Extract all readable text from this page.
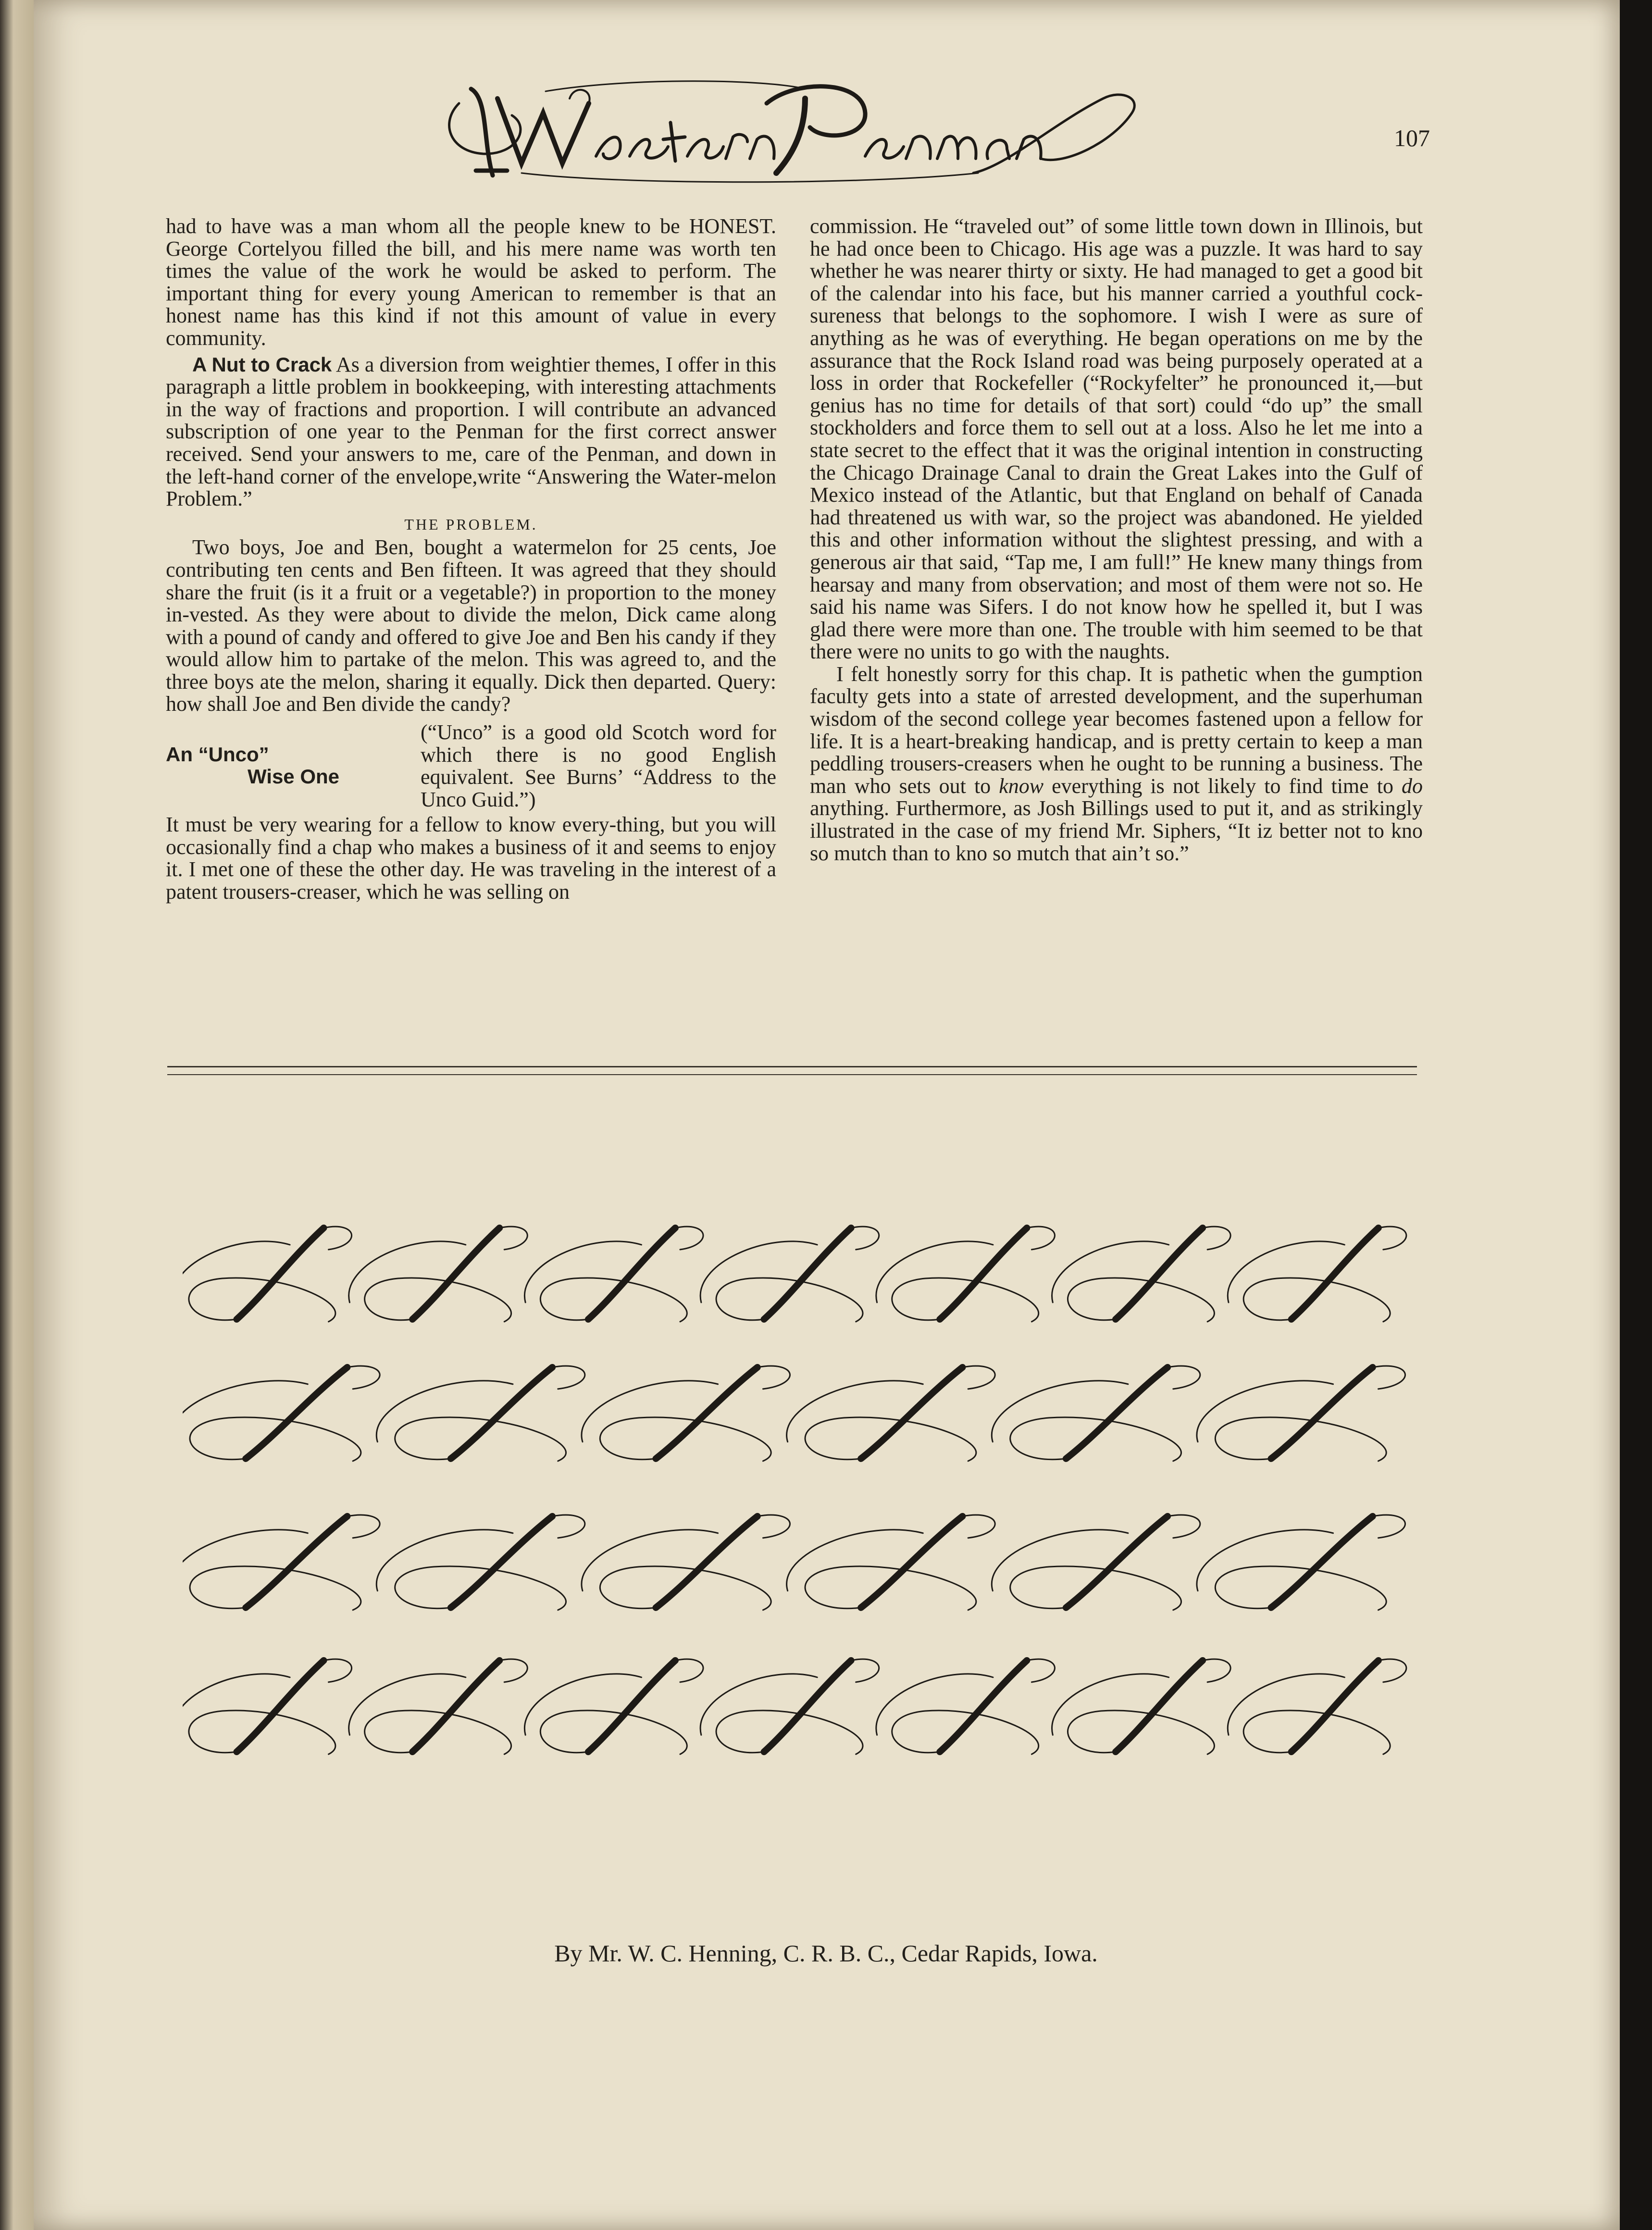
107

had to have was a man whom all the people knew to be HONEST. George Cortelyou filled the bill, and his mere name was worth ten times the value of the work he would be asked to perform. The important thing for every young American to remember is that an honest name has this kind if not this amount of value in every community.

A Nut to Crack As a diversion from weightier themes, I offer in this paragraph a little problem in bookkeeping, with interesting attachments in the way of fractions and proportion. I will contribute an advanced subscription of one year to the Penman for the first correct answer received. Send your answers to me, care of the Penman, and down in the left-hand corner of the envelope,write “Answering the Water-melon Problem.”

THE PROBLEM.

Two boys, Joe and Ben, bought a watermelon for 25 cents, Joe contributing ten cents and Ben fifteen. It was agreed that they should share the fruit (is it a fruit or a vegetable?) in proportion to the money in-vested. As they were about to divide the melon, Dick came along with a pound of candy and offered to give Joe and Ben his candy if they would allow him to partake of the melon. This was agreed to, and the three boys ate the melon, sharing it equally. Dick then departed. Query: how shall Joe and Ben divide the candy?

An “Unco”
Wise One
(“Unco” is a good old Scotch word for which there is no good English equivalent. See Burns’ “Address to the Unco Guid.”)

It must be very wearing for a fellow to know every-thing, but you will occasionally find a chap who makes a business of it and seems to enjoy it. I met one of these the other day. He was traveling in the interest of a patent trousers-creaser, which he was selling on

commission. He “traveled out” of some little town down in Illinois, but he had once been to Chicago. His age was a puzzle. It was hard to say whether he was nearer thirty or sixty. He had managed to get a good bit of the calendar into his face, but his manner carried a youthful cock-sureness that belongs to the sophomore. I wish I were as sure of anything as he was of everything. He began operations on me by the assurance that the Rock Island road was being purposely operated at a loss in order that Rockefeller (“Rockyfelter” he pronounced it,—but genius has no time for details of that sort) could “do up” the small stockholders and force them to sell out at a loss. Also he let me into a state secret to the effect that it was the original intention in constructing the Chicago Drainage Canal to drain the Great Lakes into the Gulf of Mexico instead of the Atlantic, but that England on behalf of Canada had threatened us with war, so the project was abandoned. He yielded this and other information without the slightest pressing, and with a generous air that said, “Tap me, I am full!” He knew many things from hearsay and many from observation; and most of them were not so. He said his name was Sifers. I do not know how he spelled it, but I was glad there were more than one. The trouble with him seemed to be that there were no units to go with the naughts.

I felt honestly sorry for this chap. It is pathetic when the gumption faculty gets into a state of arrested development, and the superhuman wisdom of the second college year becomes fastened upon a fellow for life. It is a heart-breaking handicap, and is pretty certain to keep a man peddling trousers-creasers when he ought to be running a business. The man who sets out to know everything is not likely to find time to do anything. Furthermore, as Josh Billings used to put it, and as strikingly illustrated in the case of my friend Mr. Siphers, “It iz better not to kno so mutch than to kno so mutch that ain’t so.”

By Mr. W. C. Henning, C. R. B. C., Cedar Rapids, Iowa.
